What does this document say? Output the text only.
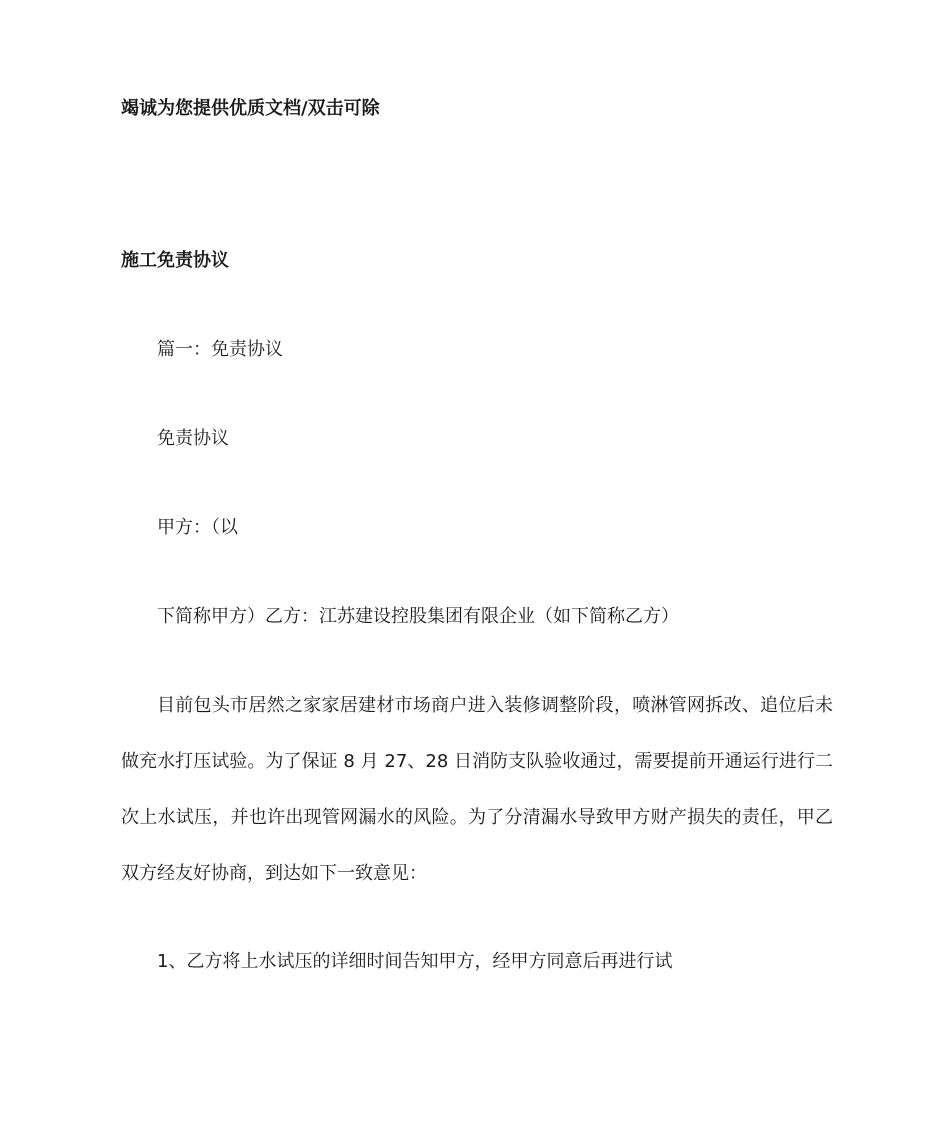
竭诚为您提供优质文档/双击可除

施工免责协议

篇一：免责协议

免责协议

甲方：（以

下简称甲方）乙方：江苏建设控股集团有限企业（如下简称乙方）

目前包头市居然之家家居建材市场商户进入装修调整阶段，喷淋管网拆改、追位后未做充水打压试验。为了保证 8 月 27、28 日消防支队验收通过，需要提前开通运行进行二次上水试压，并也许出现管网漏水的风险。为了分清漏水导致甲方财产损失的责任，甲乙双方经友好协商，到达如下一致意见：

1、乙方将上水试压的详细时间告知甲方，经甲方同意后再进行试
